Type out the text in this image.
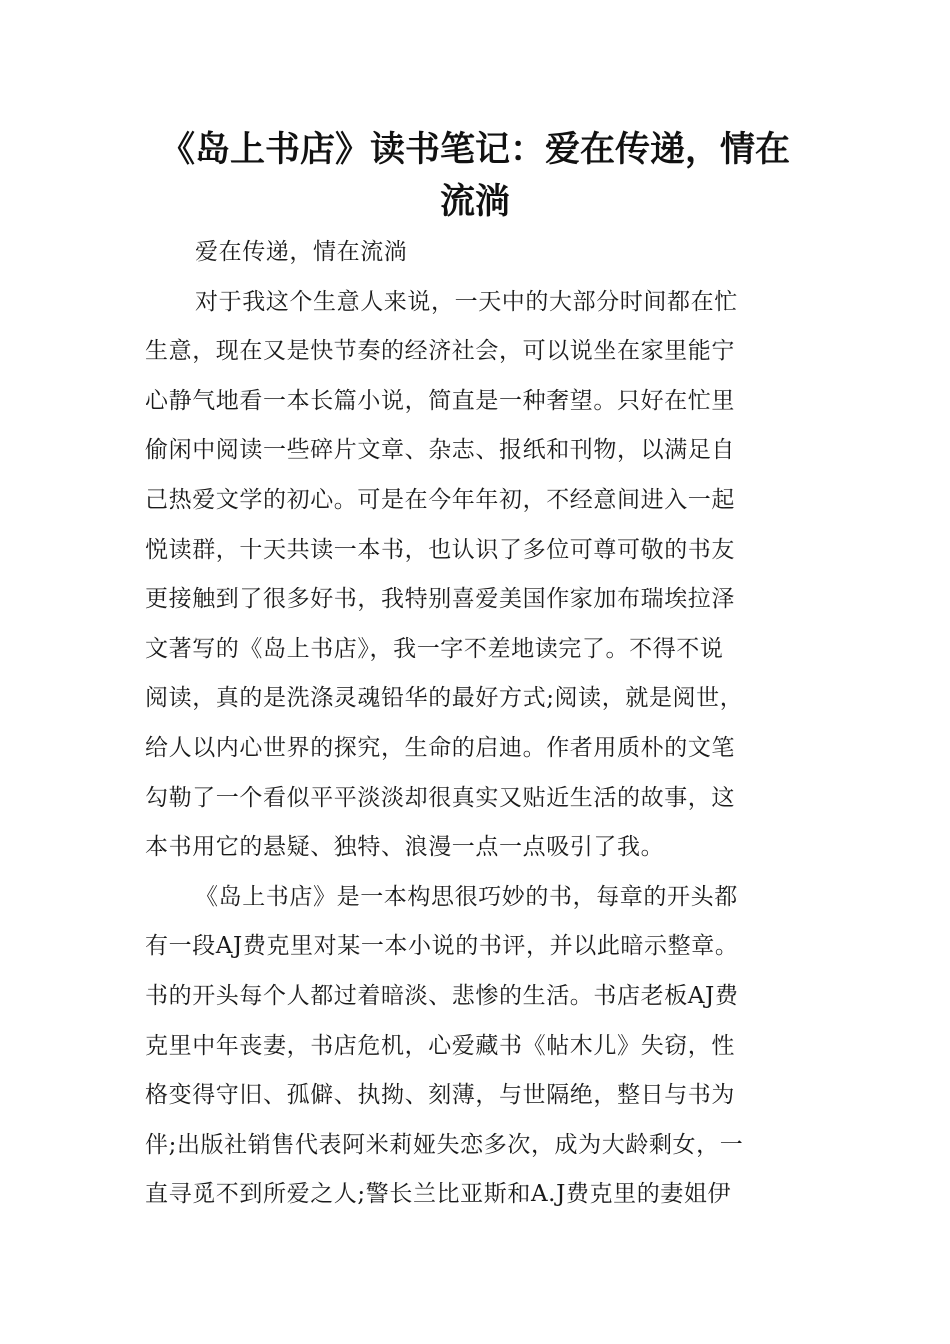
《岛上书店》读书笔记：爱在传递，情在
流淌
爱在传递，情在流淌
对于我这个生意人来说，一天中的大部分时间都在忙
生意，现在又是快节奏的经济社会，可以说坐在家里能宁
心静气地看一本长篇小说，简直是一种奢望。只好在忙里
偷闲中阅读一些碎片文章、杂志、报纸和刊物，以满足自
己热爱文学的初心。可是在今年年初，不经意间进入一起
悦读群，十天共读一本书，也认识了多位可尊可敬的书友
更接触到了很多好书，我特别喜爱美国作家加布瑞埃拉泽
文著写的《岛上书店》，我一字不差地读完了。不得不说
阅读，真的是洗涤灵魂铅华的最好方式;阅读，就是阅世，
给人以内心世界的探究，生命的启迪。作者用质朴的文笔
勾勒了一个看似平平淡淡却很真实又贴近生活的故事，这
本书用它的悬疑、独特、浪漫一点一点吸引了我。
《岛上书店》是一本构思很巧妙的书，每章的开头都
有一段AJ费克里对某一本小说的书评，并以此暗示整章。
书的开头每个人都过着暗淡、悲惨的生活。书店老板AJ费
克里中年丧妻，书店危机，心爱藏书《帖木儿》失窃，性
格变得守旧、孤僻、执拗、刻薄，与世隔绝，整日与书为
伴;出版社销售代表阿米莉娅失恋多次，成为大龄剩女，一
直寻觅不到所爱之人;警长兰比亚斯和A.J费克里的妻姐伊
